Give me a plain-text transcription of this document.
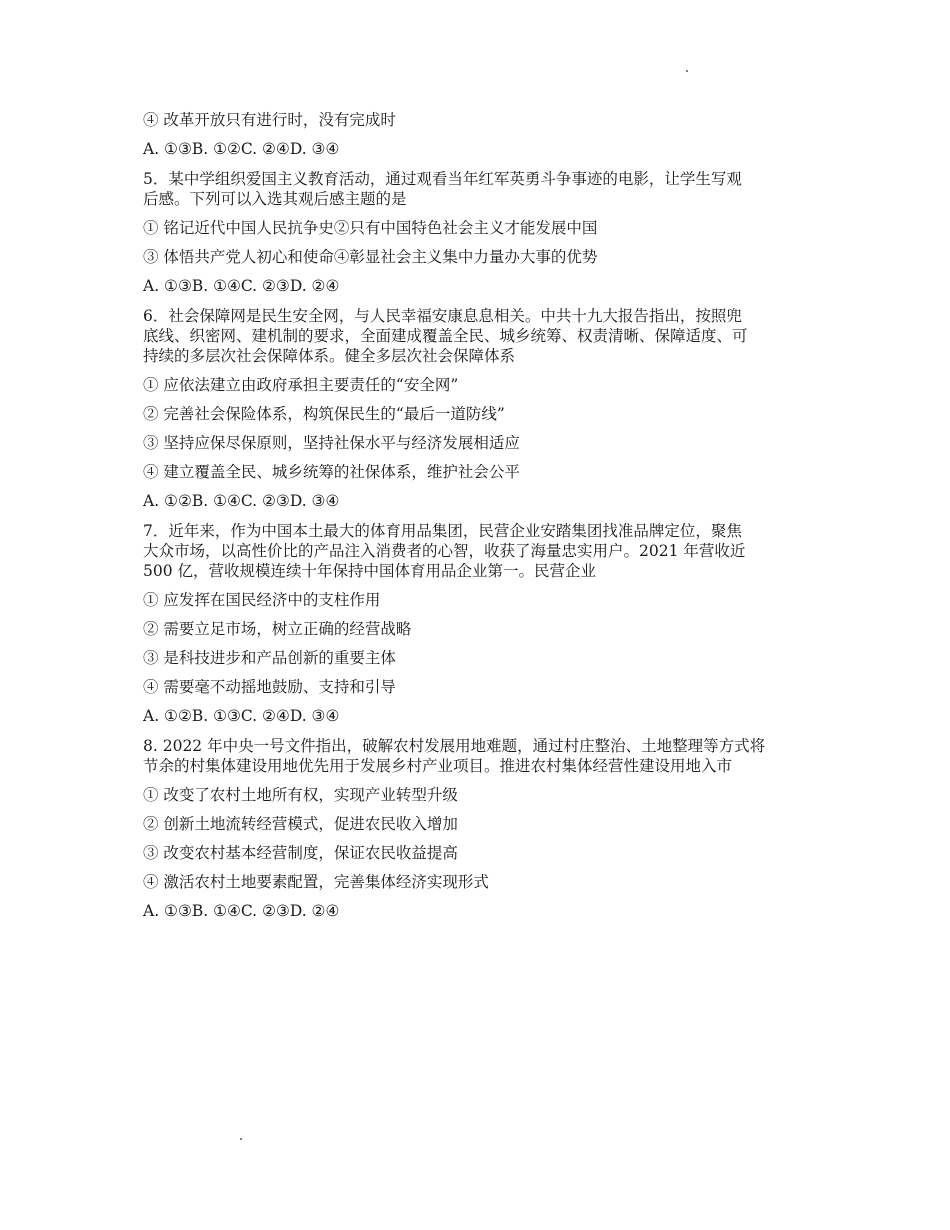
④ 改革开放只有进行时，没有完成时

A. ①③B. ①②C. ②④D. ③④

5．某中学组织爱国主义教育活动，通过观看当年红军英勇斗争事迹的电影，让学生写观

后感。下列可以入选其观后感主题的是

① 铭记近代中国人民抗争史②只有中国特色社会主义才能发展中国

③ 体悟共产党人初心和使命④彰显社会主义集中力量办大事的优势

A. ①③B. ①④C. ②③D. ②④

6．社会保障网是民生安全网，与人民幸福安康息息相关。中共十九大报告指出，按照兜

底线、织密网、建机制的要求，全面建成覆盖全民、城乡统筹、权责清晰、保障适度、可

持续的多层次社会保障体系。健全多层次社会保障体系

① 应依法建立由政府承担主要责任的“安全网”

② 完善社会保险体系，构筑保民生的“最后一道防线”

③ 坚持应保尽保原则，坚持社保水平与经济发展相适应

④ 建立覆盖全民、城乡统筹的社保体系，维护社会公平

A. ①②B. ①④C. ②③D. ③④

7．近年来，作为中国本土最大的体育用品集团，民营企业安踏集团找准品牌定位，聚焦

大众市场，以高性价比的产品注入消费者的心智，收获了海量忠实用户。2021 年营收近

500 亿，营收规模连续十年保持中国体育用品企业第一。民营企业

① 应发挥在国民经济中的支柱作用

② 需要立足市场，树立正确的经营战略

③ 是科技进步和产品创新的重要主体

④ 需要毫不动摇地鼓励、支持和引导

A. ①②B. ①③C. ②④D. ③④

8. 2022 年中央一号文件指出，破解农村发展用地难题，通过村庄整治、土地整理等方式将

节余的村集体建设用地优先用于发展乡村产业项目。推进农村集体经营性建设用地入市

① 改变了农村土地所有权，实现产业转型升级

② 创新土地流转经营模式，促进农民收入增加

③ 改变农村基本经营制度，保证农民收益提高

④ 激活农村土地要素配置，完善集体经济实现形式

A. ①③B. ①④C. ②③D. ②④
